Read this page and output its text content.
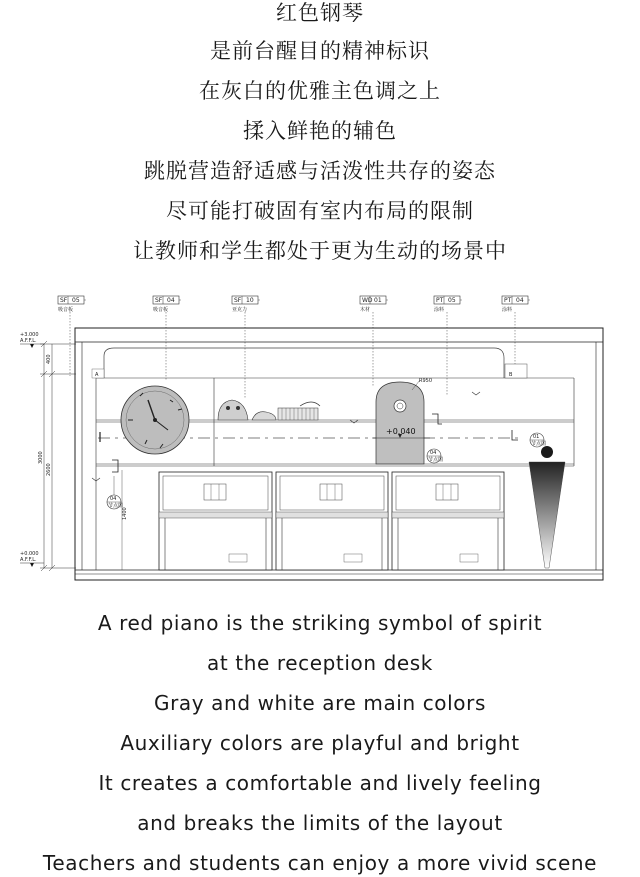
红色钢琴
是前台醒目的精神标识
在灰白的优雅主色调之上
揉入鲜艳的辅色
跳脱营造舒适感与活泼性共存的姿态
尽可能打破固有室内布局的限制
让教师和学生都处于更为生动的场景中
SF 05
吸音板
SF 04
吸音板
SF 10
亚克力
WD 01
木材
PT 05
涂料
PT 04
涂料
+3.000
A.F.F.L.
+0.000
A.F.F.L.
400
2600
3000
A	B
+0.040
R950
04
节点图
1400
04
节点图
01
节点图
A red piano is the striking symbol of spirit
at the reception desk
Gray and white are main colors
Auxiliary colors are playful and bright
It creates a comfortable and lively feeling
and breaks the limits of the layout
Teachers and students can enjoy a more vivid scene
